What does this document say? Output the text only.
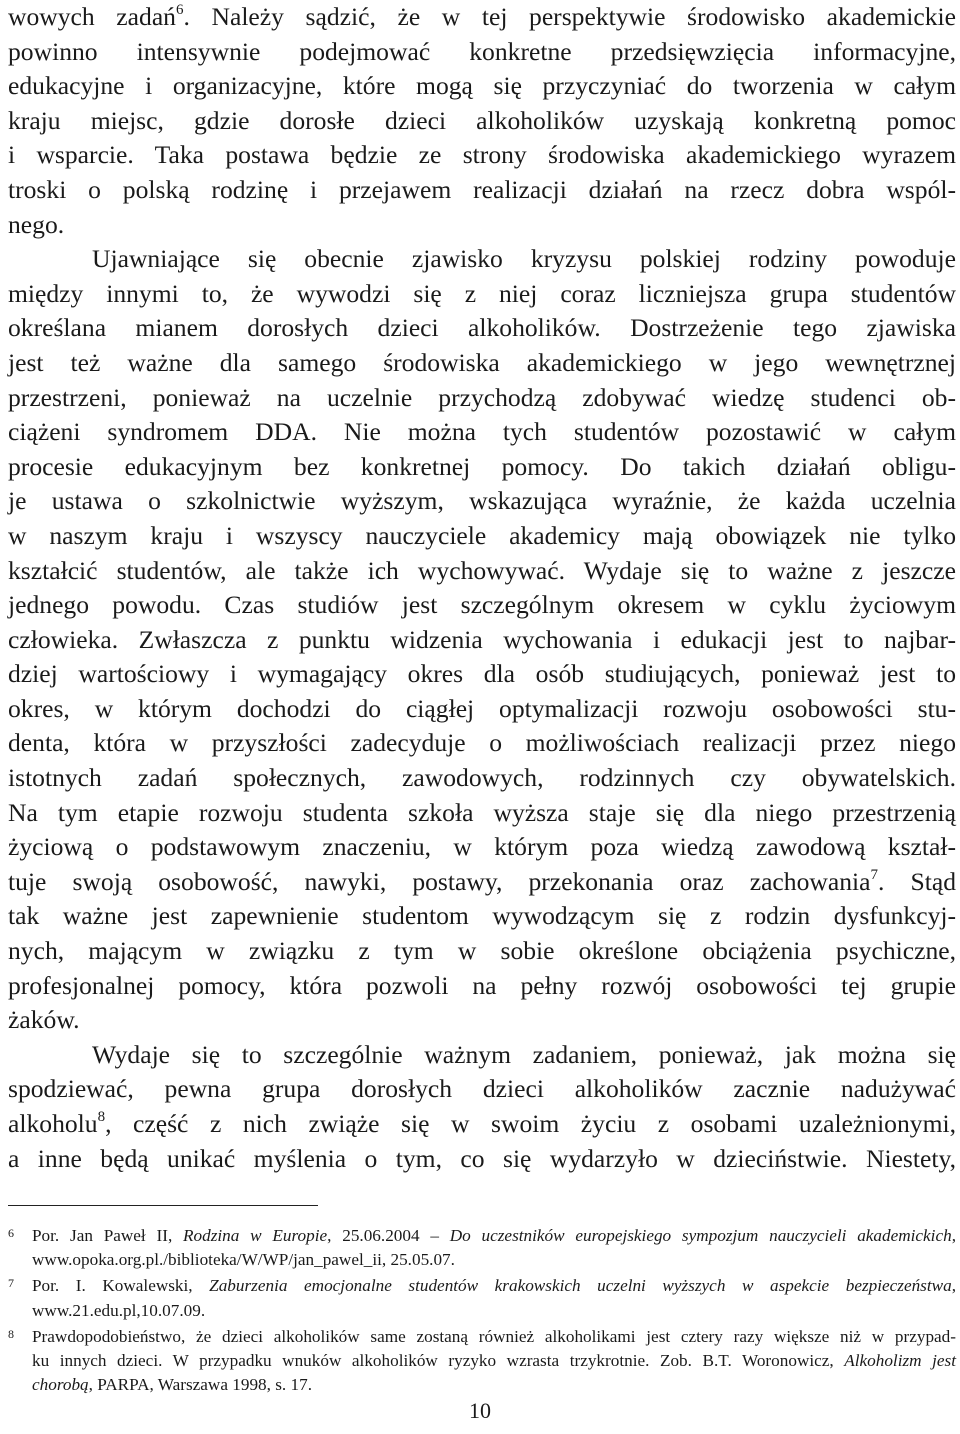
wowych zadań$^6$. Należy sądzić, że w tej perspektywie środowisko akademickie
powinno intensywnie podejmować konkretne przedsięwzięcia informacyjne,
edukacyjne i organizacyjne, które mogą się przyczyniać do tworzenia w całym
kraju miejsc, gdzie dorosłe dzieci alkoholików uzyskają konkretną pomoc
i wsparcie. Taka postawa będzie ze strony środowiska akademickiego wyrazem
troski o polską rodzinę i przejawem realizacji działań na rzecz dobra wspól-
nego.
Ujawniające się obecnie zjawisko kryzysu polskiej rodziny powoduje
między innymi to, że wywodzi się z niej coraz liczniejsza grupa studentów
określana mianem dorosłych dzieci alkoholików. Dostrzeżenie tego zjawiska
jest też ważne dla samego środowiska akademickiego w jego wewnętrznej
przestrzeni, ponieważ na uczelnie przychodzą zdobywać wiedzę studenci ob-
ciążeni syndromem DDA. Nie można tych studentów pozostawić w całym
procesie edukacyjnym bez konkretnej pomocy. Do takich działań obligu-
je ustawa o szkolnictwie wyższym, wskazująca wyraźnie, że każda uczelnia
w naszym kraju i wszyscy nauczyciele akademicy mają obowiązek nie tylko
kształcić studentów, ale także ich wychowywać. Wydaje się to ważne z jeszcze
jednego powodu. Czas studiów jest szczególnym okresem w cyklu życiowym
człowieka. Zwłaszcza z punktu widzenia wychowania i edukacji jest to najbar-
dziej wartościowy i wymagający okres dla osób studiujących, ponieważ jest to
okres, w którym dochodzi do ciągłej optymalizacji rozwoju osobowości stu-
denta, która w przyszłości zadecyduje o możliwościach realizacji przez niego
istotnych zadań społecznych, zawodowych, rodzinnych czy obywatelskich.
Na tym etapie rozwoju studenta szkoła wyższa staje się dla niego przestrzenią
życiową o podstawowym znaczeniu, w którym poza wiedzą zawodową kształ-
tuje swoją osobowość, nawyki, postawy, przekonania oraz zachowania$^7$. Stąd
tak ważne jest zapewnienie studentom wywodzącym się z rodzin dysfunkcyj-
nych, mającym w związku z tym w sobie określone obciążenia psychiczne,
profesjonalnej pomocy, która pozwoli na pełny rozwój osobowości tej grupie
żaków.
Wydaje się to szczególnie ważnym zadaniem, ponieważ, jak można się
spodziewać, pewna grupa dorosłych dzieci alkoholików zacznie nadużywać
alkoholu$^8$, część z nich zwiąże się w swoim życiu z osobami uzależnionymi,
a inne będą unikać myślenia o tym, co się wydarzyło w dzieciństwie. Niestety,
6 Por. Jan Paweł II, Rodzina w Europie, 25.06.2004 – Do uczestników europejskiego sympozjum nauczycieli akademickich,
www.opoka.org.pl./biblioteka/W/WP/jan_pawel_ii, 25.05.07.
7 Por. I. Kowalewski, Zaburzenia emocjonalne studentów krakowskich uczelni wyższych w aspekcie bezpieczeństwa,
www.21.edu.pl,10.07.09.
8 Prawdopodobieństwo, że dzieci alkoholików same zostaną również alkoholikami jest cztery razy większe niż w przypad-
ku innych dzieci. W przypadku wnuków alkoholików ryzyko wzrasta trzykrotnie. Zob. B.T. Woronowicz, Alkoholizm jest
chorobą, PARPA, Warszawa 1998, s. 17.
10
